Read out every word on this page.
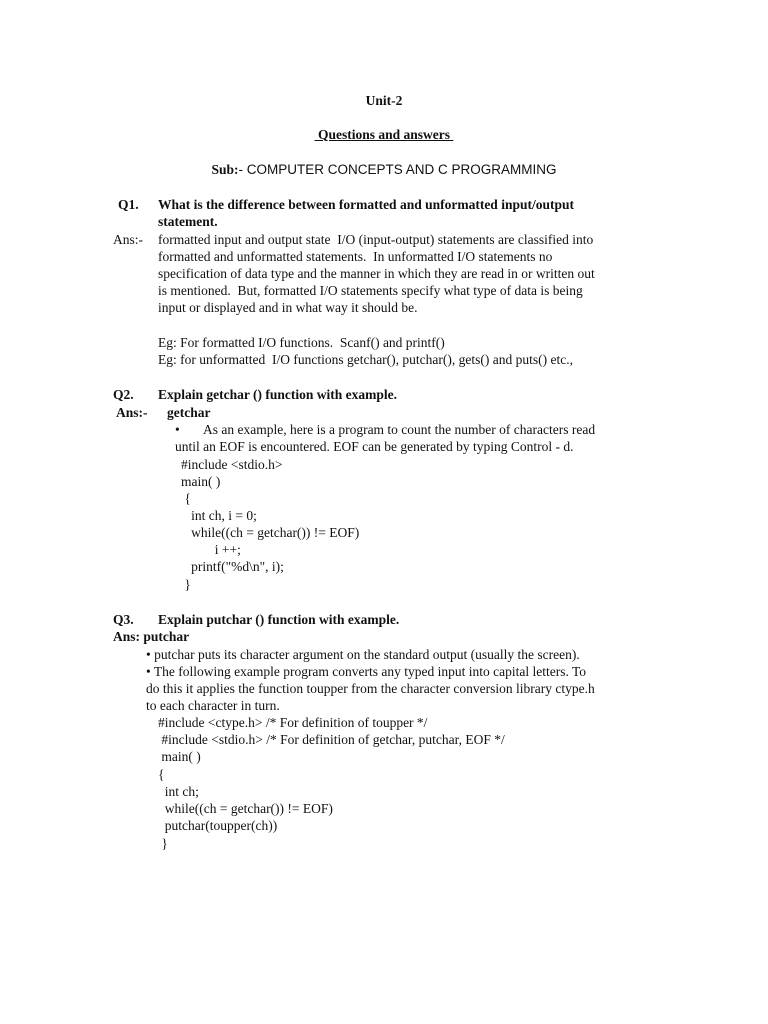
Unit-2
Questions and answers
Sub:- COMPUTER CONCEPTS AND C PROGRAMMING
Q1. What is the difference between formatted and unformatted input/output
statement.
Ans:- formatted input and output state  I/O (input-output) statements are classified into
formatted and unformatted statements.  In unformatted I/O statements no
specification of data type and the manner in which they are read in or written out
is mentioned.  But, formatted I/O statements specify what type of data is being
input or displayed and in what way it should be.
Eg: For formatted I/O functions.  Scanf() and printf()
Eg: for unformatted  I/O functions getchar(), putchar(), gets() and puts() etc.,
Q2. Explain getchar () function with example.
Ans:- getchar
• As an example, here is a program to count the number of characters read
until an EOF is encountered. EOF can be generated by typing Control - d.
#include <stdio.h>
main( )
{
int ch, i = 0;
while((ch = getchar()) != EOF)
i ++;
printf("%d\n", i);
}
Q3. Explain putchar () function with example.
Ans: putchar
• putchar puts its character argument on the standard output (usually the screen).
• The following example program converts any typed input into capital letters. To
do this it applies the function toupper from the character conversion library ctype.h
to each character in turn.
#include <ctype.h> /* For definition of toupper */
#include <stdio.h> /* For definition of getchar, putchar, EOF */
main( )
{
int ch;
while((ch = getchar()) != EOF)
putchar(toupper(ch))
}
